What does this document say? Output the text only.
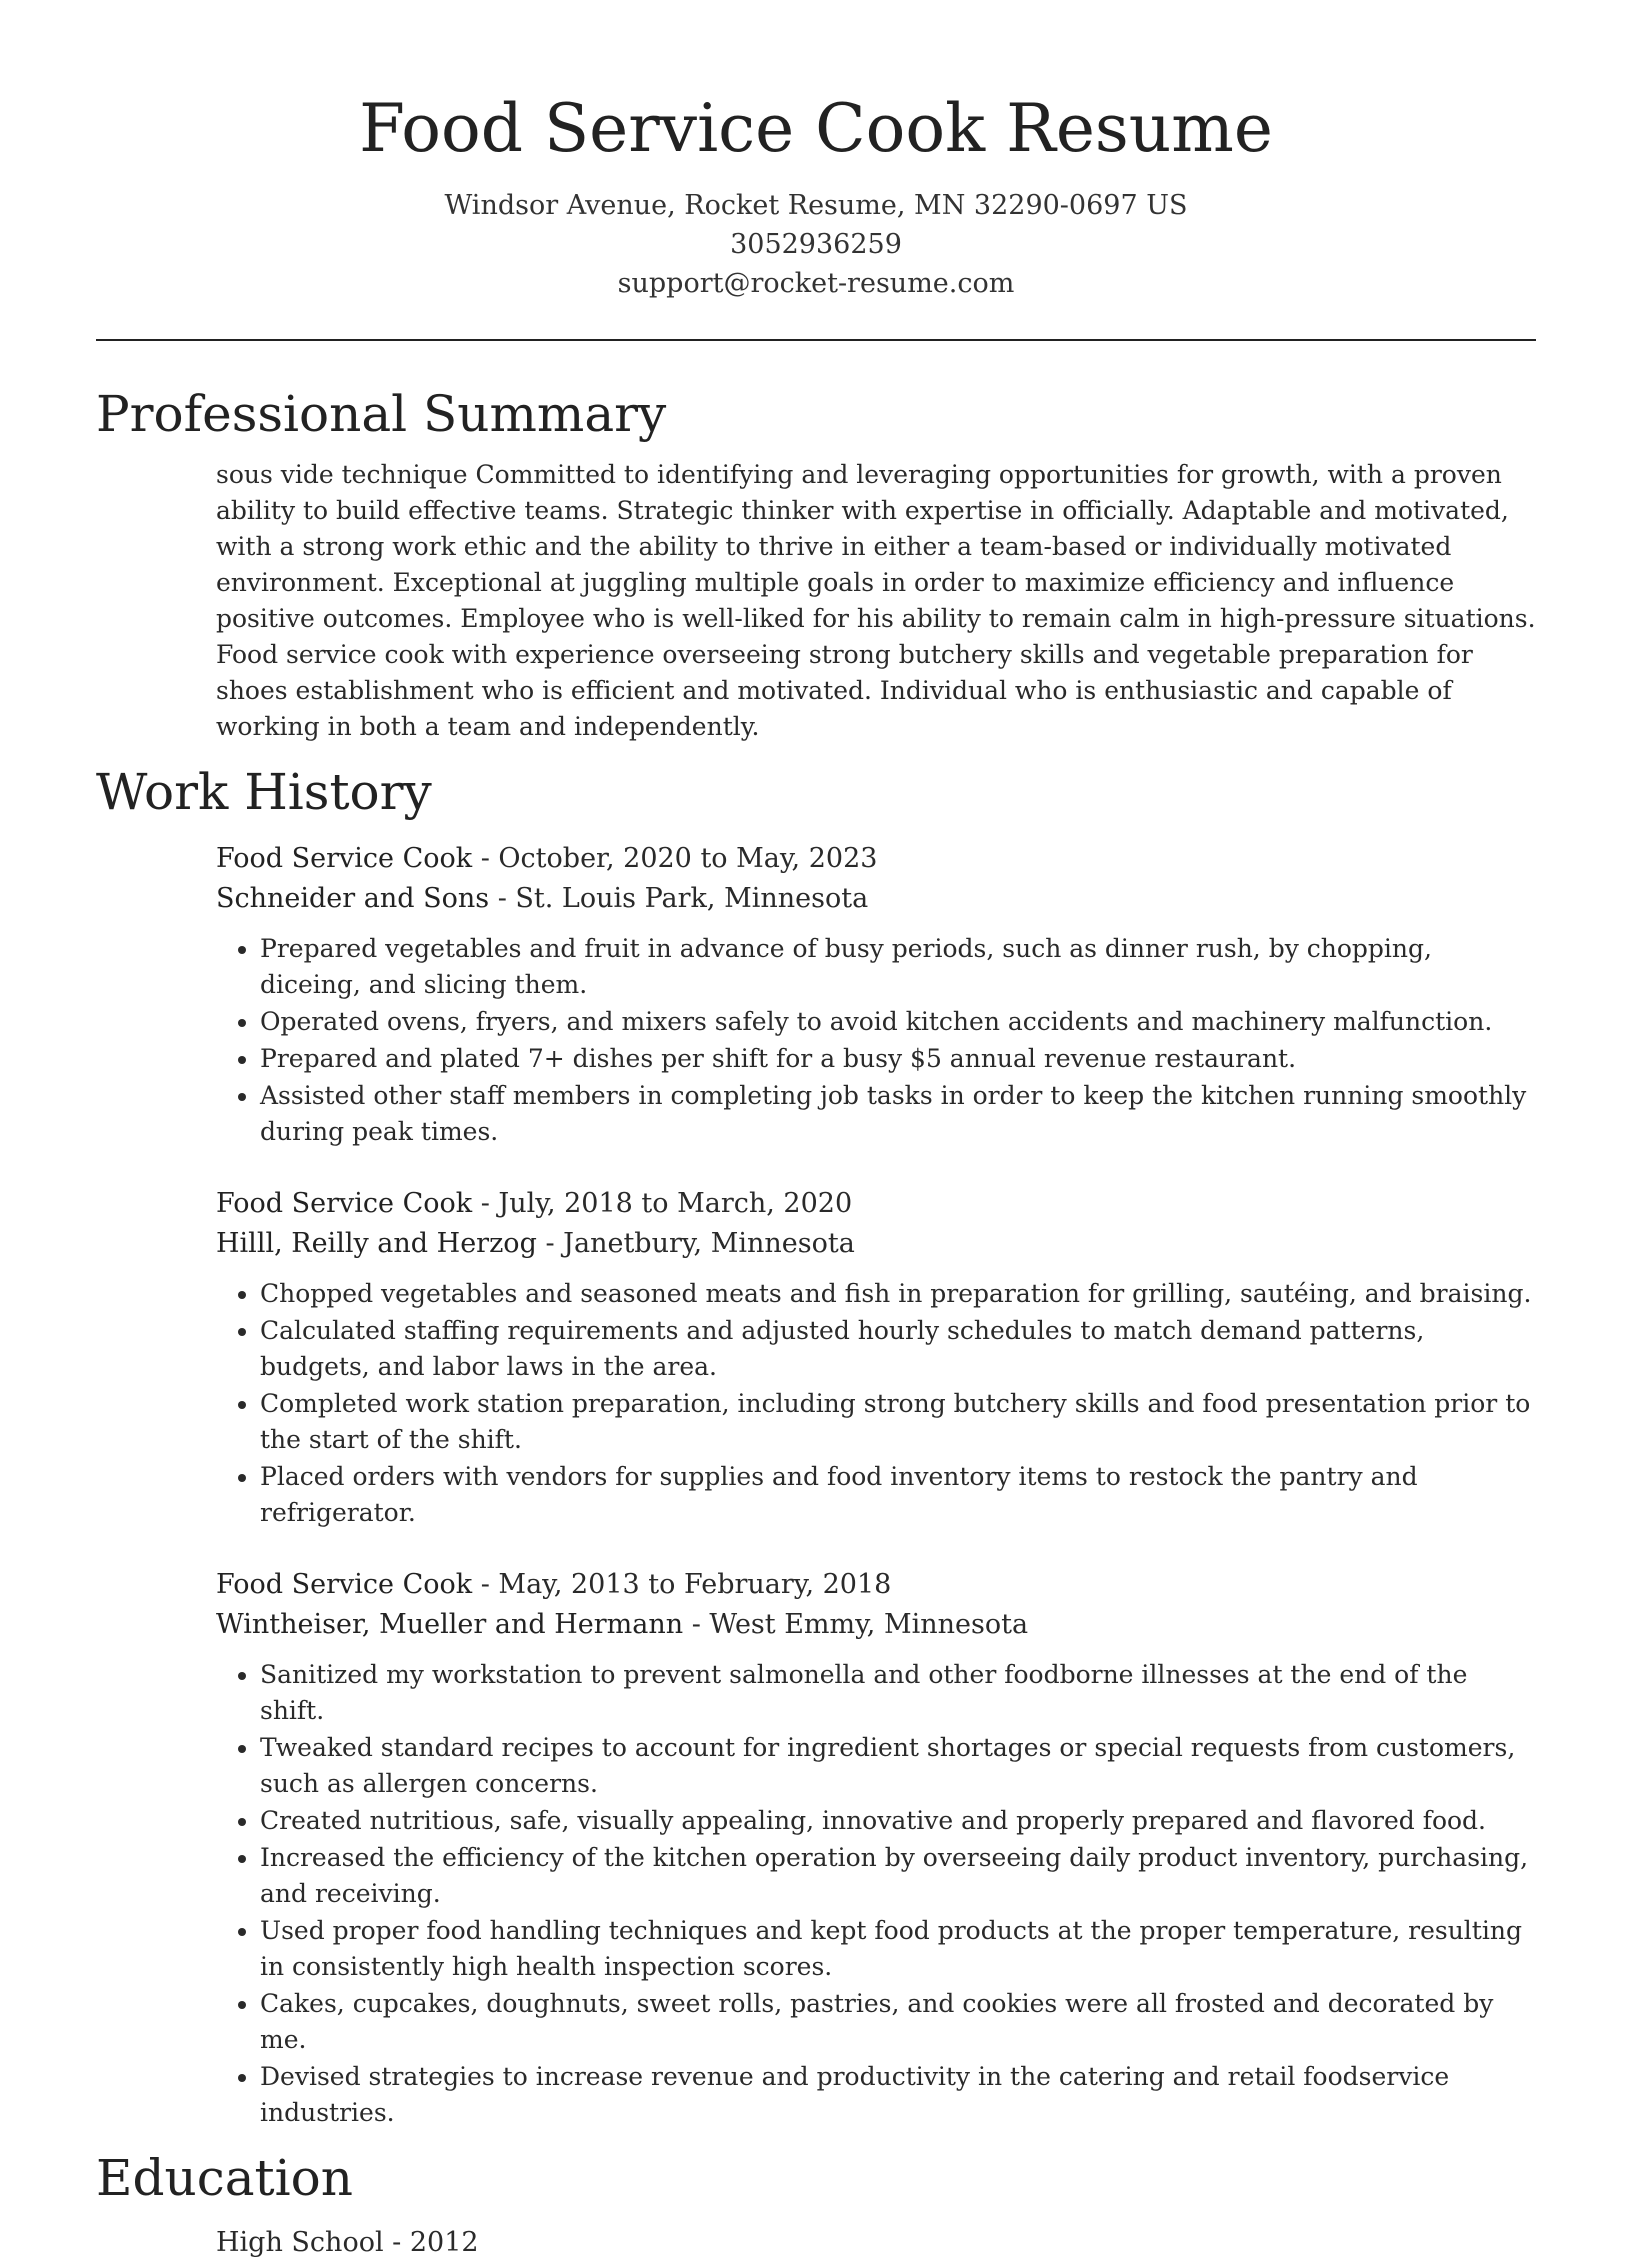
Food Service Cook Resume
Windsor Avenue, Rocket Resume, MN 32290-0697 US
3052936259
support@rocket-resume.com
Professional Summary
sous vide technique Committed to identifying and leveraging opportunities for growth, with a proven ability to build effective teams. Strategic thinker with expertise in officially. Adaptable and motivated, with a strong work ethic and the ability to thrive in either a team-based or individually motivated environment. Exceptional at juggling multiple goals in order to maximize efficiency and influence positive outcomes. Employee who is well-liked for his ability to remain calm in high-pressure situations. Food service cook with experience overseeing strong butchery skills and vegetable preparation for shoes establishment who is efficient and motivated. Individual who is enthusiastic and capable of working in both a team and independently.
Work History
Food Service Cook - October, 2020 to May, 2023
Schneider and Sons - St. Louis Park, Minnesota
• Prepared vegetables and fruit in advance of busy periods, such as dinner rush, by chopping, diceing, and slicing them.
• Operated ovens, fryers, and mixers safely to avoid kitchen accidents and machinery malfunction.
• Prepared and plated 7+ dishes per shift for a busy $5 annual revenue restaurant.
• Assisted other staff members in completing job tasks in order to keep the kitchen running smoothly during peak times.
Food Service Cook - July, 2018 to March, 2020
Hilll, Reilly and Herzog - Janetbury, Minnesota
• Chopped vegetables and seasoned meats and fish in preparation for grilling, sautéing, and braising.
• Calculated staffing requirements and adjusted hourly schedules to match demand patterns, budgets, and labor laws in the area.
• Completed work station preparation, including strong butchery skills and food presentation prior to the start of the shift.
• Placed orders with vendors for supplies and food inventory items to restock the pantry and refrigerator.
Food Service Cook - May, 2013 to February, 2018
Wintheiser, Mueller and Hermann - West Emmy, Minnesota
• Sanitized my workstation to prevent salmonella and other foodborne illnesses at the end of the shift.
• Tweaked standard recipes to account for ingredient shortages or special requests from customers, such as allergen concerns.
• Created nutritious, safe, visually appealing, innovative and properly prepared and flavored food.
• Increased the efficiency of the kitchen operation by overseeing daily product inventory, purchasing, and receiving.
• Used proper food handling techniques and kept food products at the proper temperature, resulting in consistently high health inspection scores.
• Cakes, cupcakes, doughnuts, sweet rolls, pastries, and cookies were all frosted and decorated by me.
• Devised strategies to increase revenue and productivity in the catering and retail foodservice industries.
Education
High School - 2012
